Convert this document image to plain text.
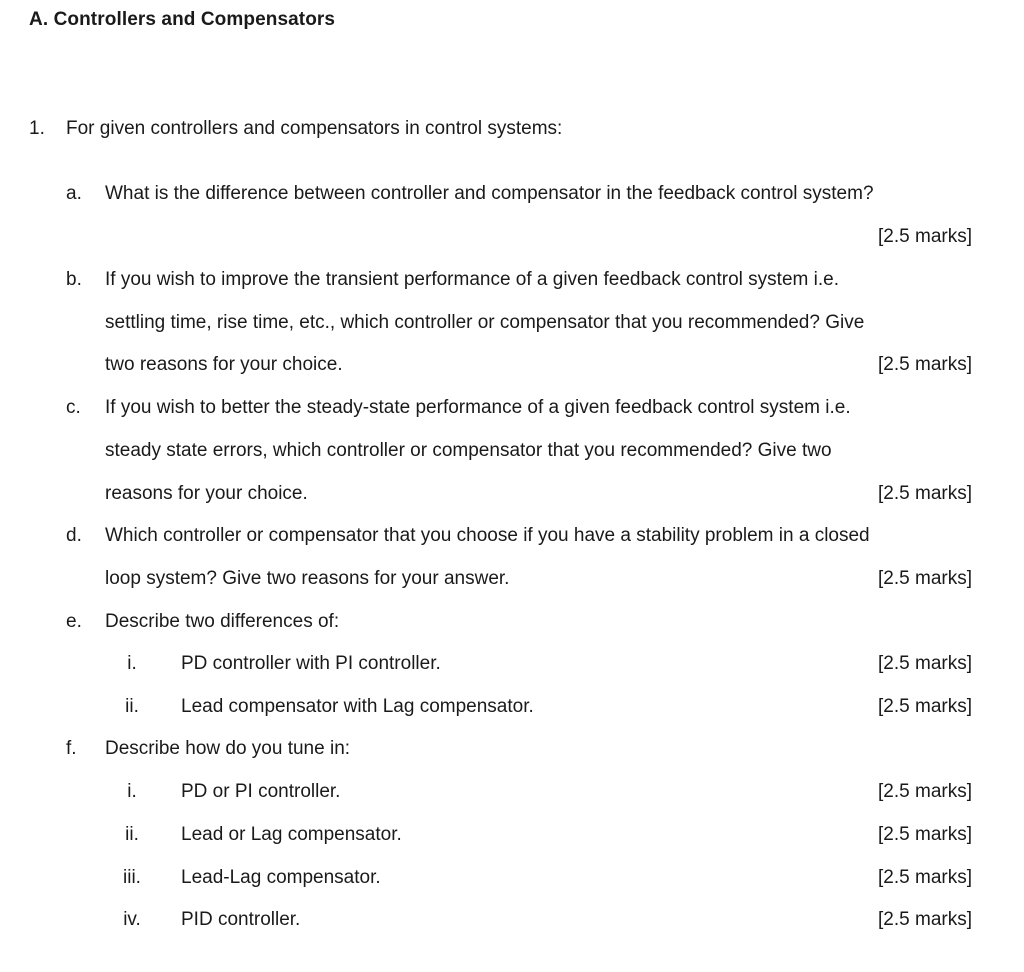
A. Controllers and Compensators
1. For given controllers and compensators in control systems:
a. What is the difference between controller and compensator in the feedback control system?
[2.5 marks]
b. If you wish to improve the transient performance of a given feedback control system i.e.
settling time, rise time, etc., which controller or compensator that you recommended? Give
two reasons for your choice.	[2.5 marks]
c. If you wish to better the steady-state performance of a given feedback control system i.e.
steady state errors, which controller or compensator that you recommended? Give two
reasons for your choice.	[2.5 marks]
d. Which controller or compensator that you choose if you have a stability problem in a closed
loop system? Give two reasons for your answer.	[2.5 marks]
e. Describe two differences of:
i.	PD controller with PI controller.	[2.5 marks]
ii.	Lead compensator with Lag compensator.	[2.5 marks]
f. Describe how do you tune in:
i.	PD or PI controller.	[2.5 marks]
ii.	Lead or Lag compensator.	[2.5 marks]
iii.	Lead-Lag compensator.	[2.5 marks]
iv.	PID controller.	[2.5 marks]
